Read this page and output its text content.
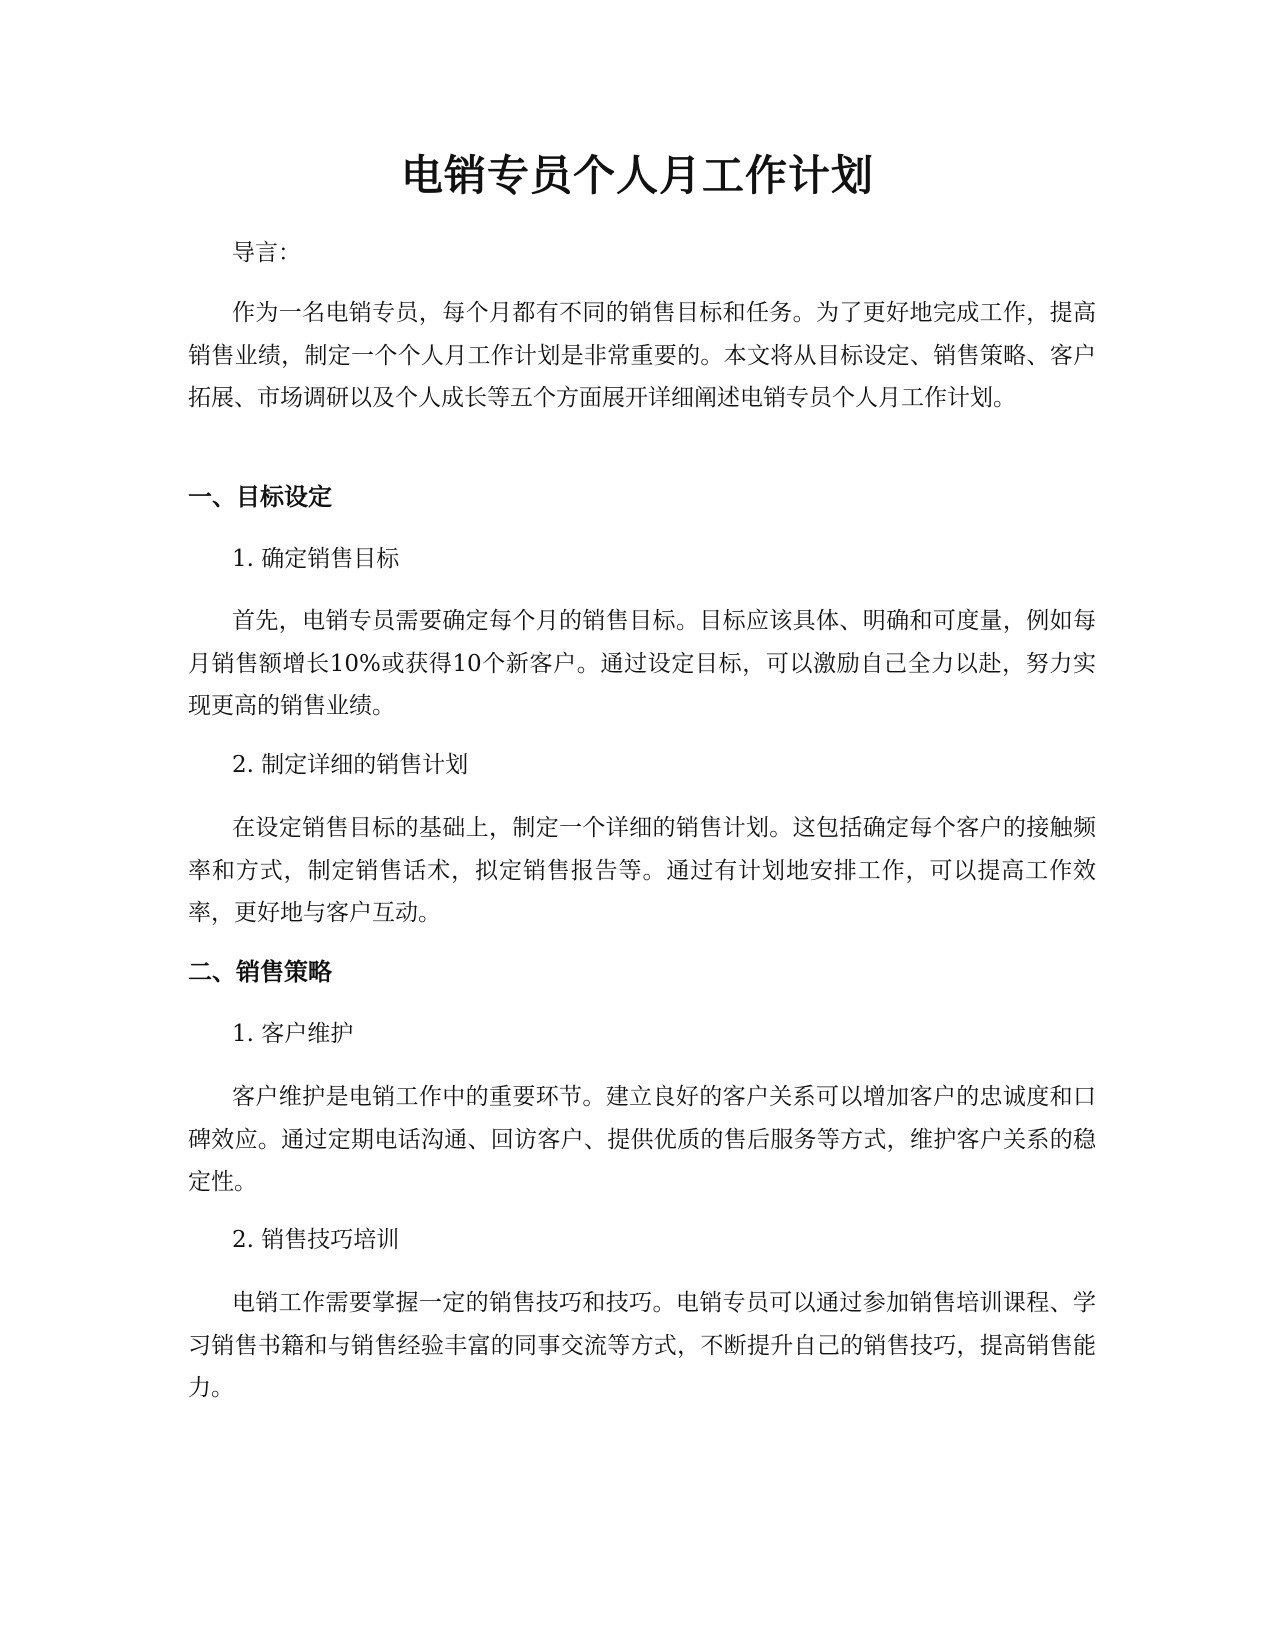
电销专员个人月工作计划

导言：

作为一名电销专员，每个月都有不同的销售目标和任务。为了更好地完成工作，提高销售业绩，制定一个个人月工作计划是非常重要的。本文将从目标设定、销售策略、客户拓展、市场调研以及个人成长等五个方面展开详细阐述电销专员个人月工作计划。

一、目标设定

1. 确定销售目标

首先，电销专员需要确定每个月的销售目标。目标应该具体、明确和可度量，例如每月销售额增长10%或获得10个新客户。通过设定目标，可以激励自己全力以赴，努力实现更高的销售业绩。

2. 制定详细的销售计划

在设定销售目标的基础上，制定一个详细的销售计划。这包括确定每个客户的接触频率和方式，制定销售话术，拟定销售报告等。通过有计划地安排工作，可以提高工作效率，更好地与客户互动。

二、销售策略

1. 客户维护

客户维护是电销工作中的重要环节。建立良好的客户关系可以增加客户的忠诚度和口碑效应。通过定期电话沟通、回访客户、提供优质的售后服务等方式，维护客户关系的稳定性。

2. 销售技巧培训

电销工作需要掌握一定的销售技巧和技巧。电销专员可以通过参加销售培训课程、学习销售书籍和与销售经验丰富的同事交流等方式，不断提升自己的销售技巧，提高销售能力。
